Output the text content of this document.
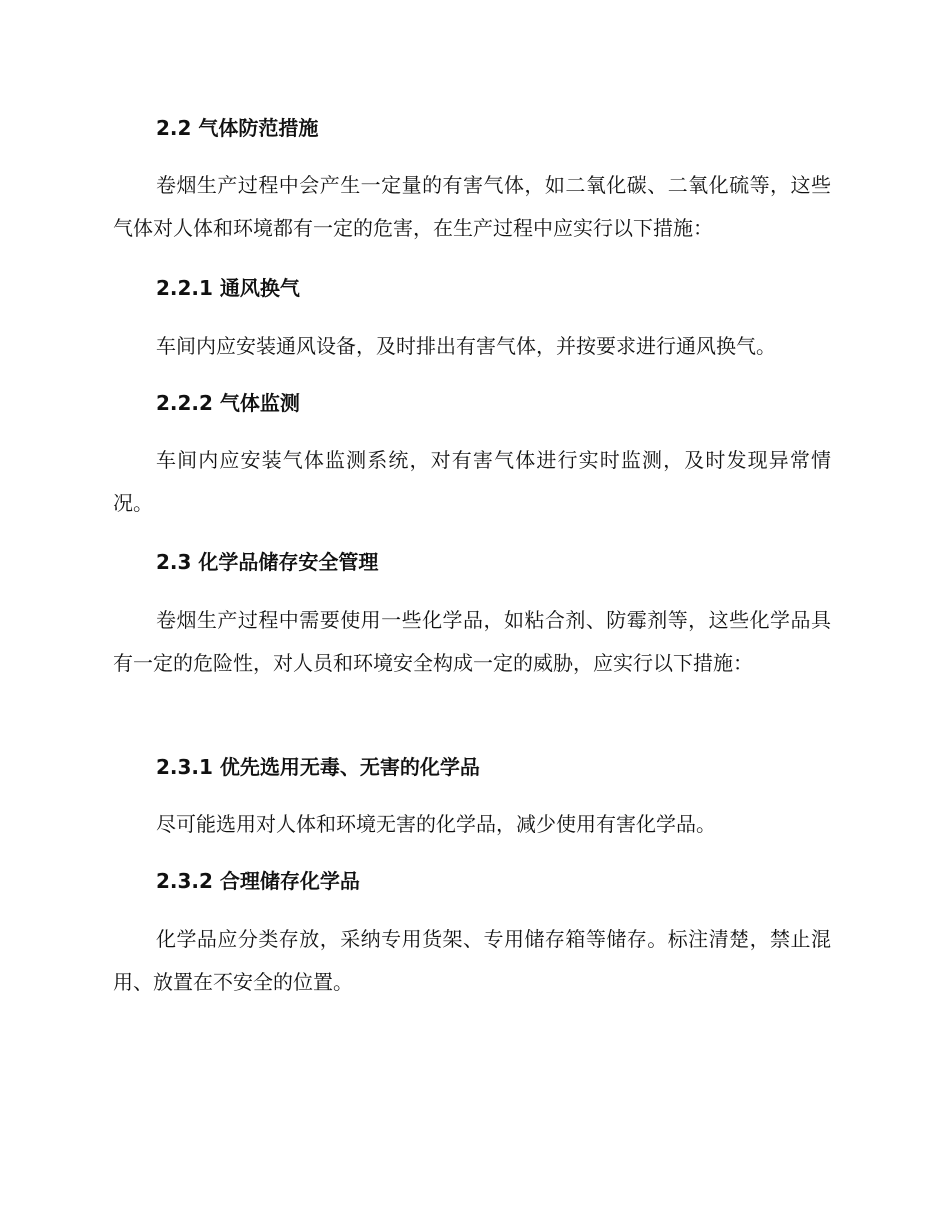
2.2 气体防范措施
卷烟生产过程中会产生一定量的有害气体，如二氧化碳、二氧化硫等，这些气体对人体和环境都有一定的危害，在生产过程中应实行以下措施：
2.2.1 通风换气
车间内应安装通风设备，及时排出有害气体，并按要求进行通风换气。
2.2.2 气体监测
车间内应安装气体监测系统，对有害气体进行实时监测，及时发现异常情况。
2.3 化学品储存安全管理
卷烟生产过程中需要使用一些化学品，如粘合剂、防霉剂等，这些化学品具有一定的危险性，对人员和环境安全构成一定的威胁，应实行以下措施：
2.3.1 优先选用无毒、无害的化学品
尽可能选用对人体和环境无害的化学品，减少使用有害化学品。
2.3.2 合理储存化学品
化学品应分类存放，采纳专用货架、专用储存箱等储存。标注清楚，禁止混用、放置在不安全的位置。
